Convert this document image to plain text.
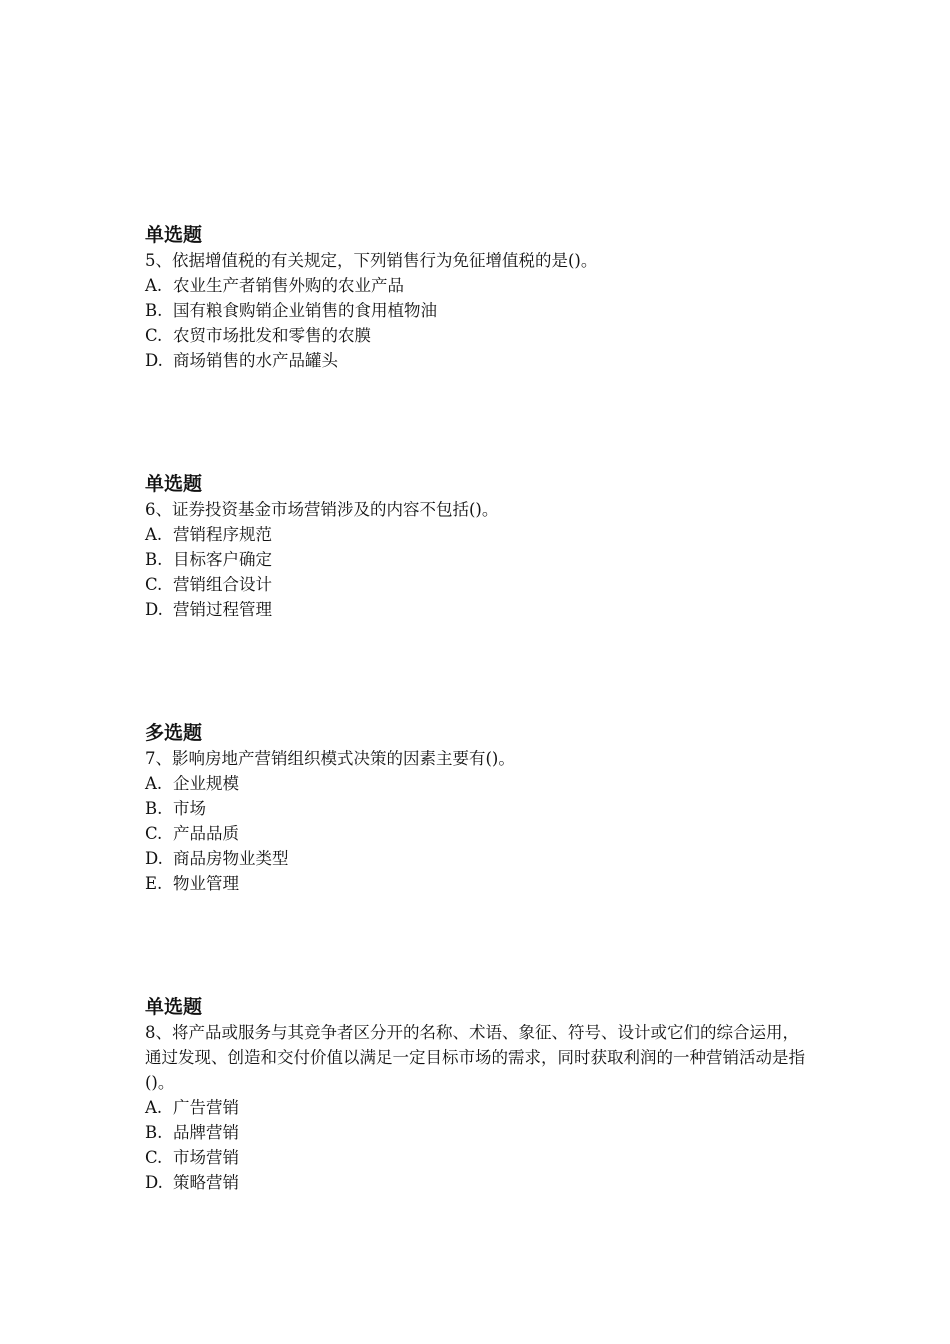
单选题

5、依据增值税的有关规定，下列销售行为免征增值税的是()。

A. 农业生产者销售外购的农业产品
B. 国有粮食购销企业销售的食用植物油
C. 农贸市场批发和零售的农膜
D. 商场销售的水产品罐头
单选题

6、证券投资基金市场营销涉及的内容不包括()。

A. 营销程序规范
B. 目标客户确定
C. 营销组合设计
D. 营销过程管理
多选题

7、影响房地产营销组织模式决策的因素主要有()。

A. 企业规模
B. 市场
C. 产品品质
D. 商品房物业类型
E. 物业管理
单选题

8、将产品或服务与其竞争者区分开的名称、术语、象征、符号、设计或它们的综合运用，通过发现、创造和交付价值以满足一定目标市场的需求，同时获取利润的一种营销活动是指()。

A. 广告营销
B. 品牌营销
C. 市场营销
D. 策略营销
